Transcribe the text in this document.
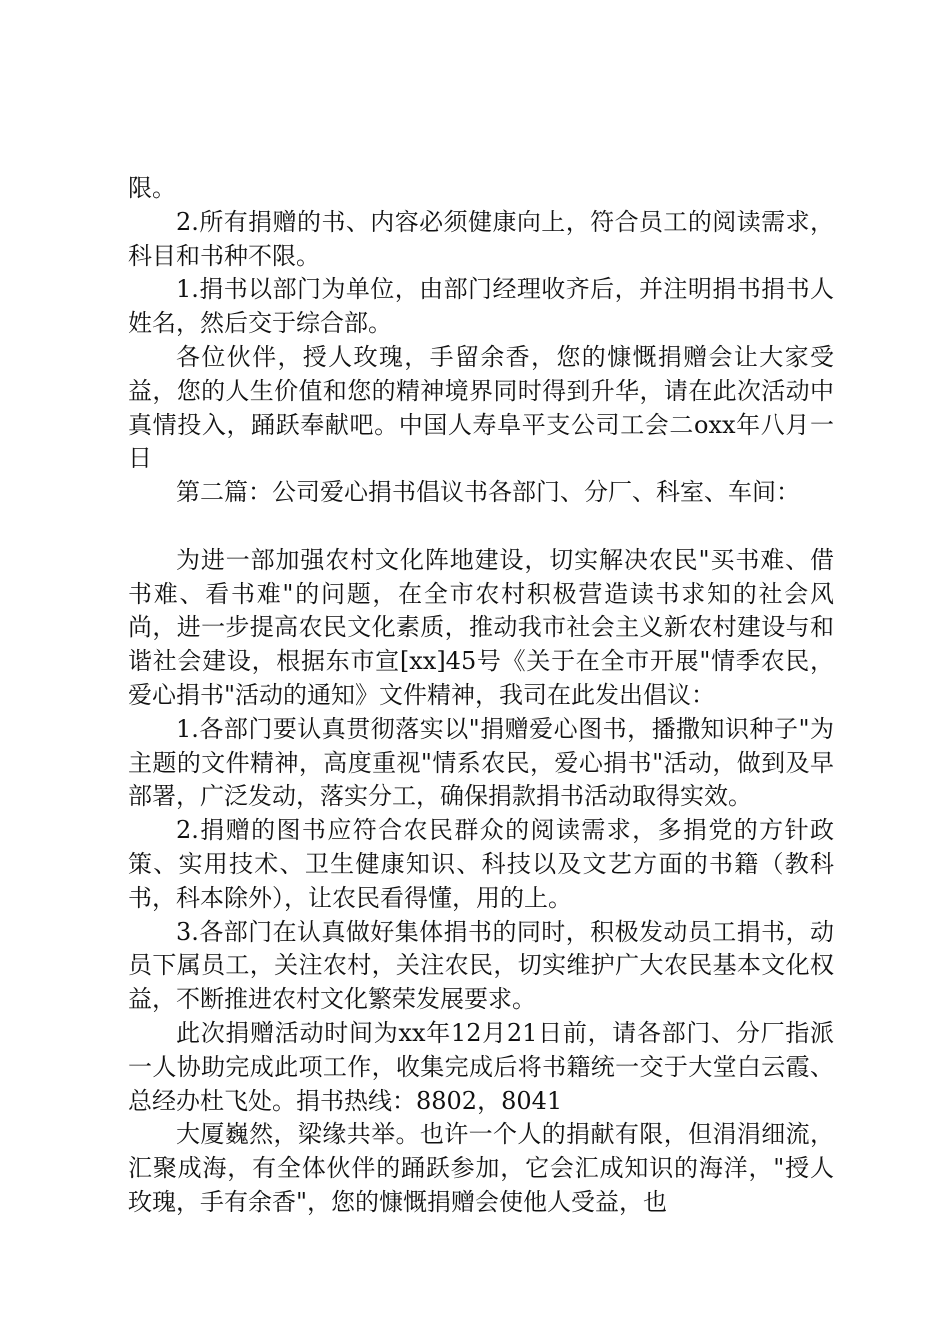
限。

2.所有捐赠的书、内容必须健康向上，符合员工的阅读需求，科目和书种不限。

1.捐书以部门为单位，由部门经理收齐后，并注明捐书捐书人姓名，然后交于综合部。

各位伙伴，授人玫瑰，手留余香，您的慷慨捐赠会让大家受益，您的人生价值和您的精神境界同时得到升华，请在此次活动中真情投入，踊跃奉献吧。中国人寿阜平支公司工会二oxx年八月一日

第二篇：公司爱心捐书倡议书各部门、分厂、科室、车间：

为进一部加强农村文化阵地建设，切实解决农民"买书难、借书难、看书难"的问题，在全市农村积极营造读书求知的社会风尚，进一步提高农民文化素质，推动我市社会主义新农村建设与和谐社会建设，根据东市宣[xx]45号《关于在全市开展"情季农民，爱心捐书"活动的通知》文件精神，我司在此发出倡议：

1.各部门要认真贯彻落实以"捐赠爱心图书，播撒知识种子"为主题的文件精神，高度重视"情系农民，爱心捐书"活动，做到及早部署，广泛发动，落实分工，确保捐款捐书活动取得实效。

2.捐赠的图书应符合农民群众的阅读需求，多捐党的方针政策、实用技术、卫生健康知识、科技以及文艺方面的书籍（教科书，科本除外），让农民看得懂，用的上。

3.各部门在认真做好集体捐书的同时，积极发动员工捐书，动员下属员工，关注农村，关注农民，切实维护广大农民基本文化权益，不断推进农村文化繁荣发展要求。

此次捐赠活动时间为xx年12月21日前，请各部门、分厂指派一人协助完成此项工作，收集完成后将书籍统一交于大堂白云霞、总经办杜飞处。捐书热线：8802，8041

大厦巍然，梁缘共举。也许一个人的捐献有限，但涓涓细流，汇聚成海，有全体伙伴的踊跃参加，它会汇成知识的海洋，"授人玫瑰，手有余香"，您的慷慨捐赠会使他人受益，也
